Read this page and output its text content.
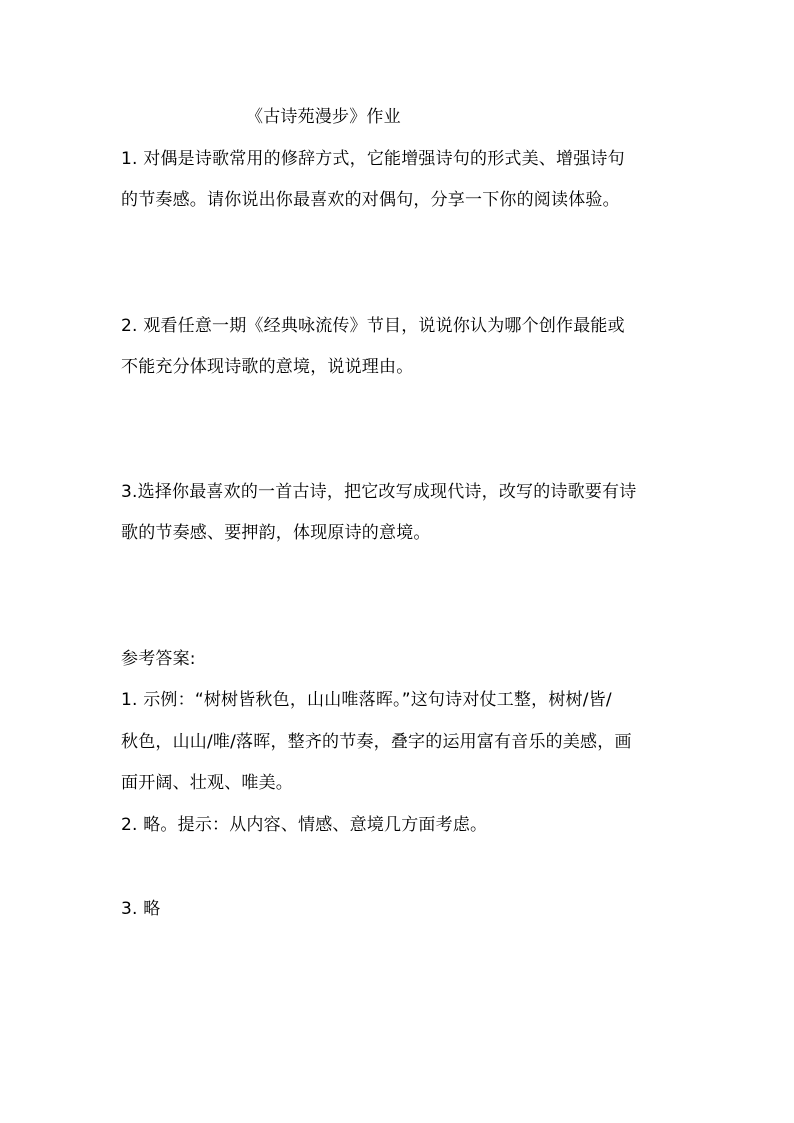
《古诗苑漫步》作业
1. 对偶是诗歌常用的修辞方式，它能增强诗句的形式美、增强诗句
的节奏感。请你说出你最喜欢的对偶句，分享一下你的阅读体验。
2. 观看任意一期《经典咏流传》节目，说说你认为哪个创作最能或
不能充分体现诗歌的意境，说说理由。
3.选择你最喜欢的一首古诗，把它改写成现代诗，改写的诗歌要有诗
歌的节奏感、要押韵，体现原诗的意境。
参考答案:
1. 示例：“树树皆秋色，山山唯落晖。”这句诗对仗工整，树树/皆/
秋色，山山/唯/落晖，整齐的节奏，叠字的运用富有音乐的美感，画
面开阔、壮观、唯美。
2. 略。提示：从内容、情感、意境几方面考虑。
3. 略
